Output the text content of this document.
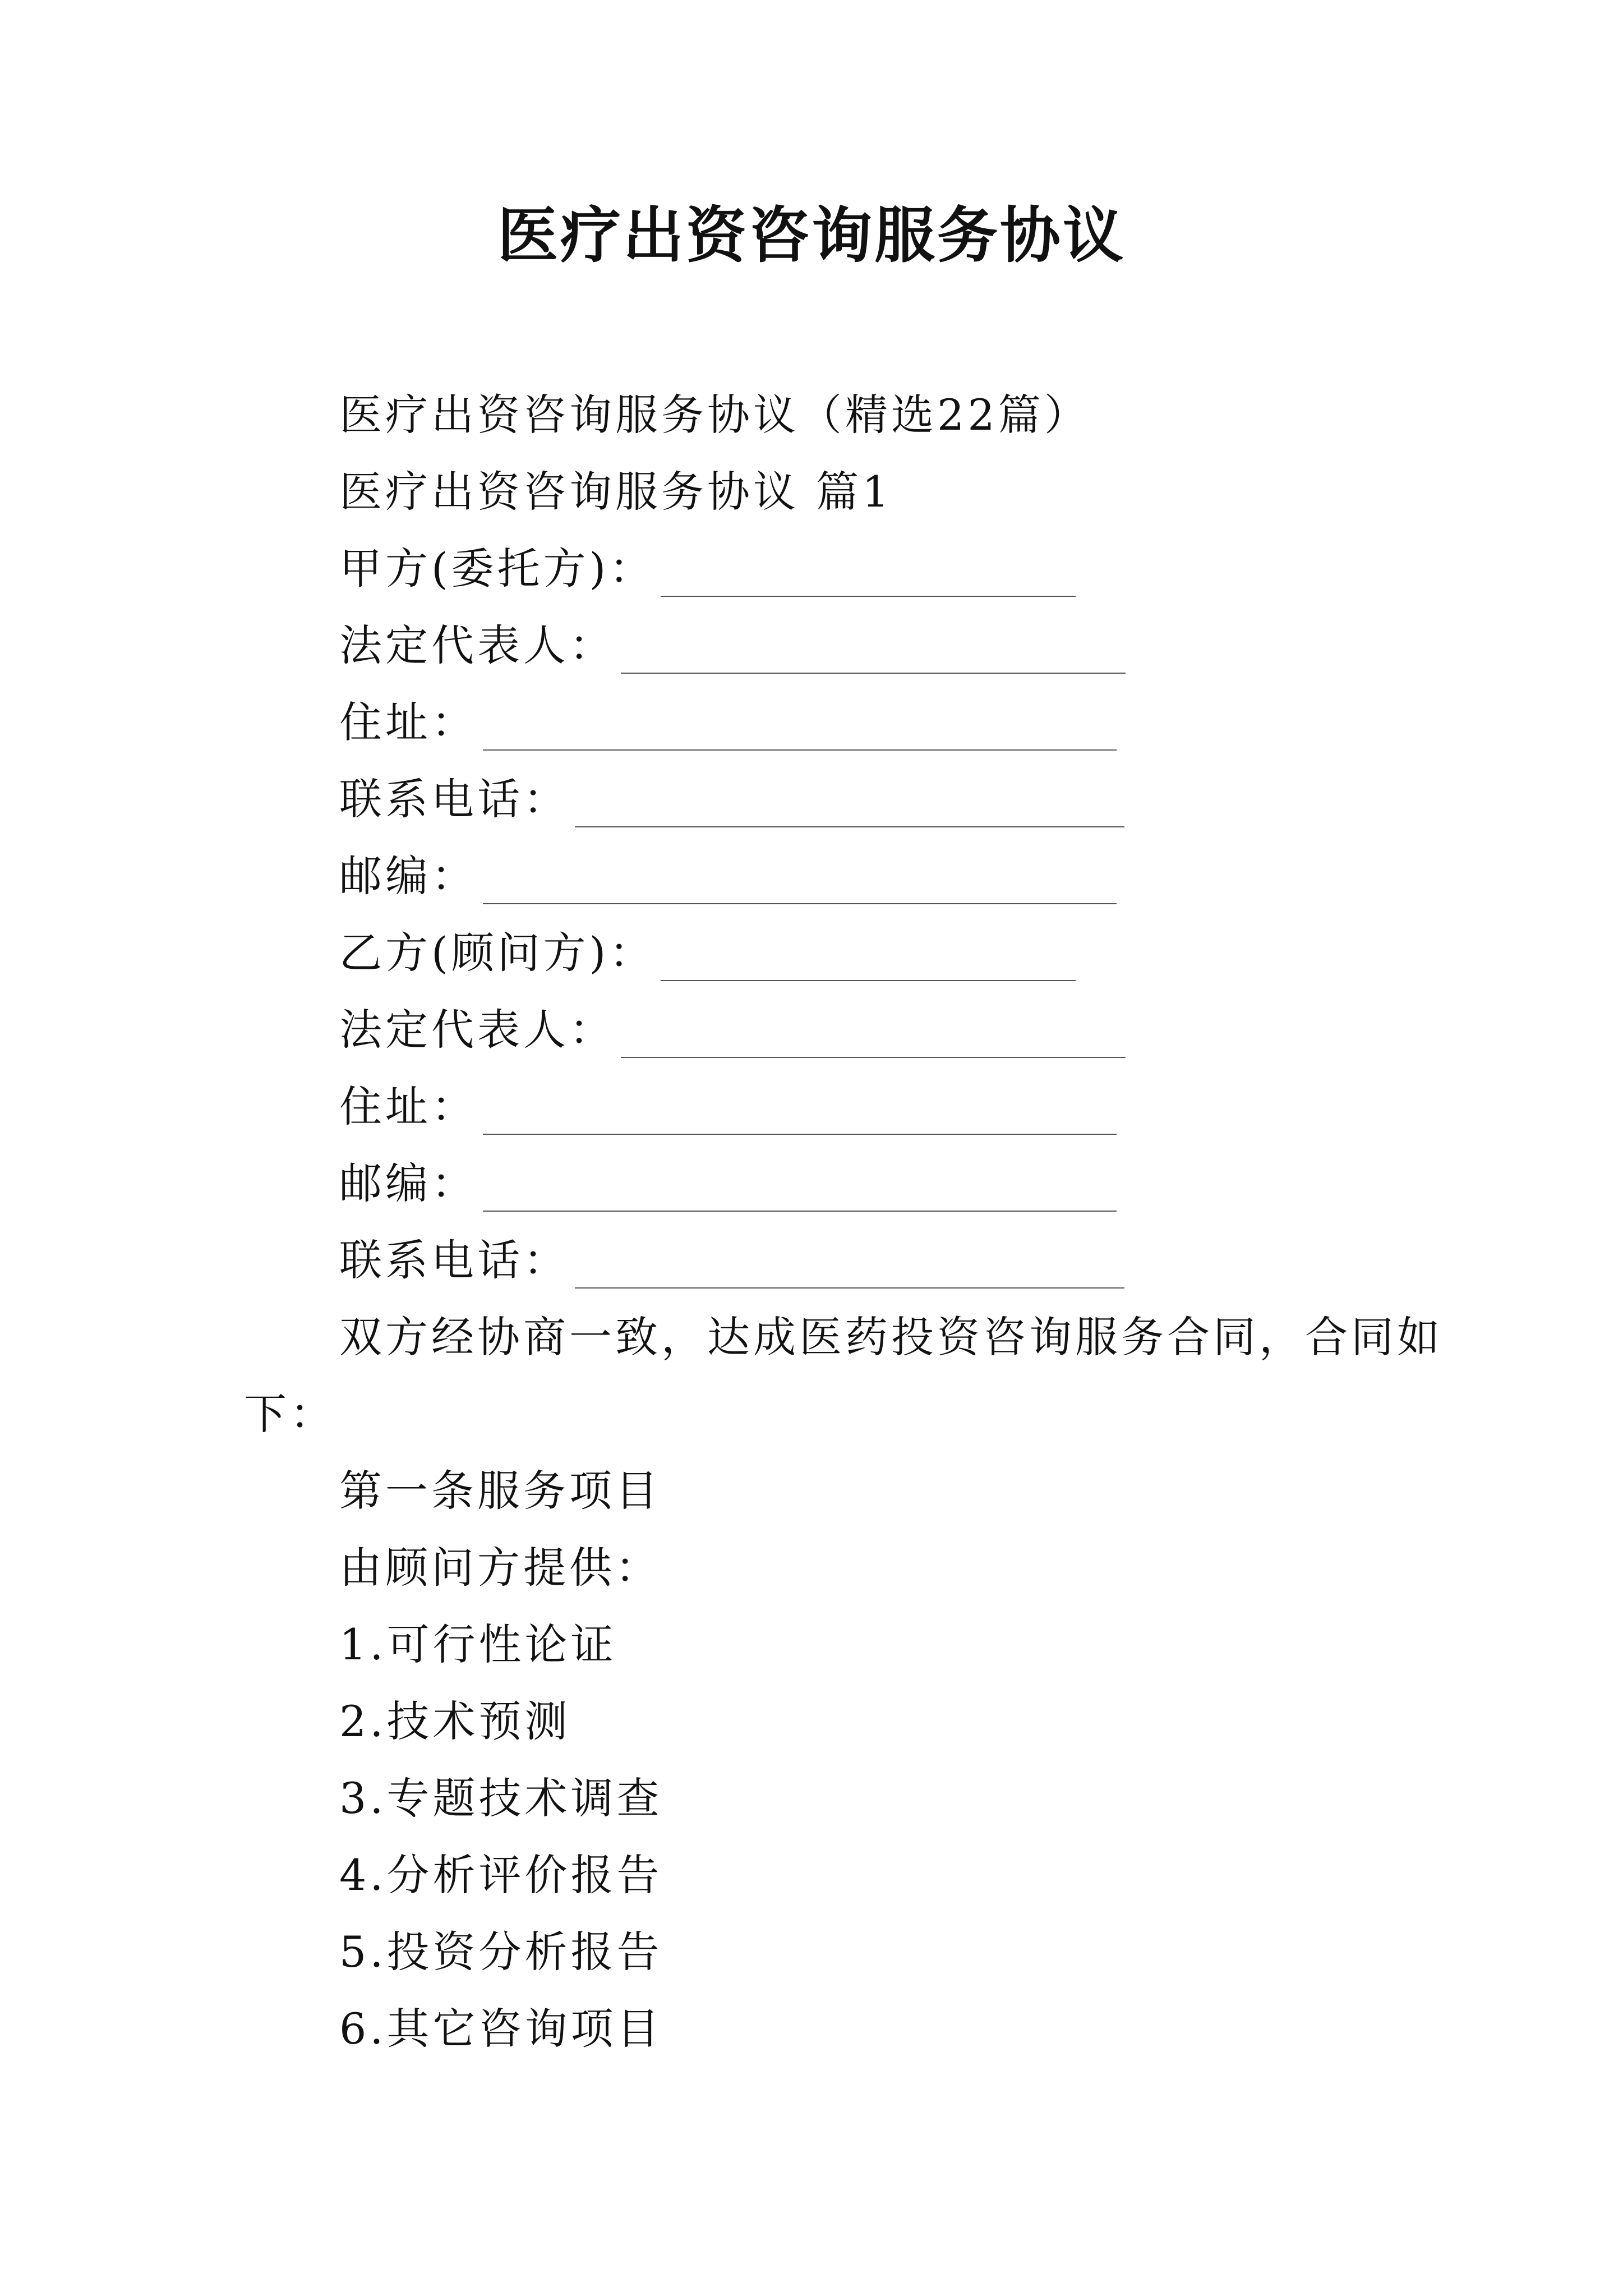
医疗出资咨询服务协议
医疗出资咨询服务协议（精选22篇）
医疗出资咨询服务协议 篇1
甲方(委托方)：
法定代表人：
住址：
联系电话：
邮编：
乙方(顾问方)：
法定代表人：
住址：
邮编：
联系电话：
双方经协商一致，达成医药投资咨询服务合同，合同如
下：
第一条服务项目
由顾问方提供：
1.可行性论证
2.技术预测
3.专题技术调查
4.分析评价报告
5.投资分析报告
6.其它咨询项目
